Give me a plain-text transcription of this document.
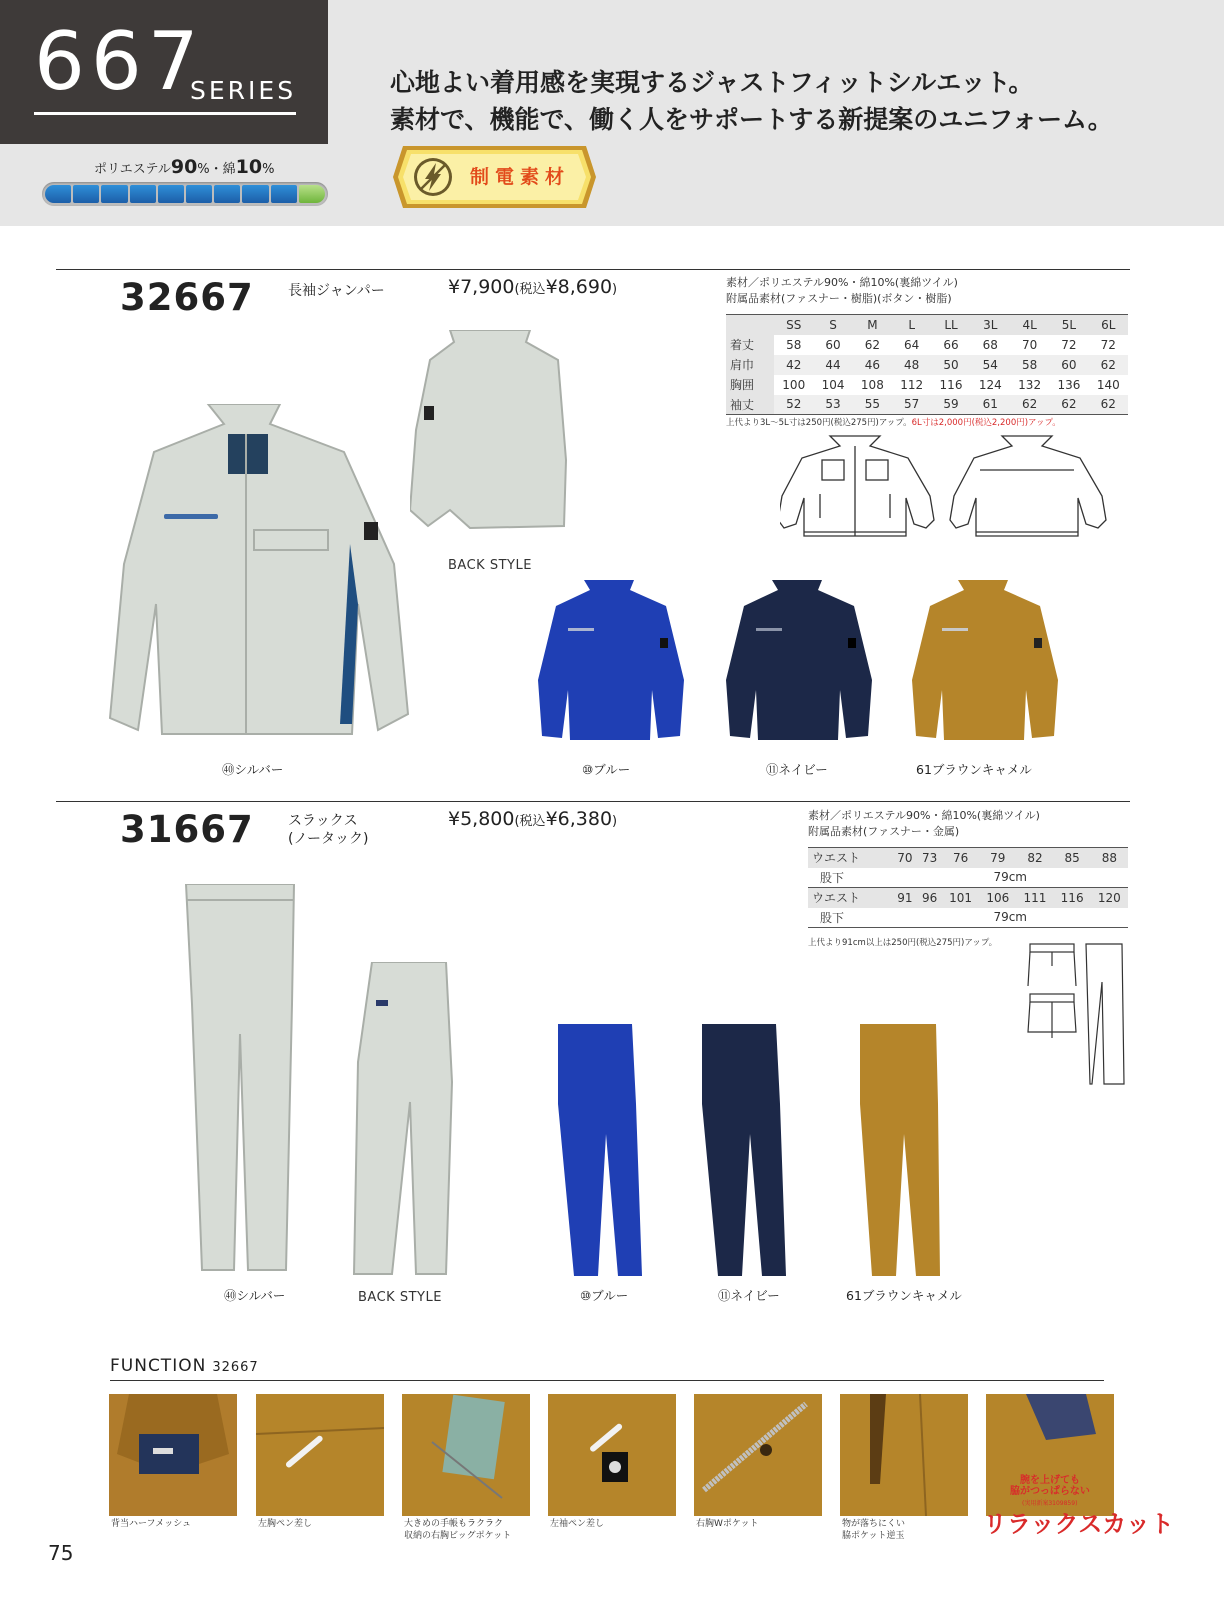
667
SERIES
ポリエステル90%・綿10%
心地よい着用感を実現するジャストフィットシルエット。
素材で、機能で、働く人をサポートする新提案のユニフォーム。
制電素材
32667 長袖ジャンパー	¥7,900(税込¥8,690)	素材／ポリエステル90%・綿10%(裏綿ツイル)
附属品素材(ファスナー・樹脂)(ボタン・樹脂)
	SS	S	M	L	LL	3L	4L	5L	6L
着丈	58	60	62	64	66	68	70	72	72
肩巾	42	44	46	48	50	54	58	60	62
胸囲	100	104	108	112	116	124	132	136	140
袖丈	52	53	55	57	59	61	62	62	62
上代より3L～5L寸は250円(税込275円)アップ。6L寸は2,000円(税込2,200円)アップ。
BACK STYLE
㊵シルバー	⑩ブルー	⑪ネイビー	61ブラウンキャメル
31667 スラックス
(ノータック)
¥5,800(税込¥6,380)	素材／ポリエステル90%・綿10%(裏綿ツイル)
附属品素材(ファスナー・金属)
ウエスト	70	73	76	79	82	85	88
股下	79cm						
ウエスト	91	96	101	106	111	116	120
股下	79cm						
上代より91cm以上は250円(税込275円)アップ。
BACK STYLE
㊵シルバー	⑩ブルー	⑪ネイビー	61ブラウンキャメル
FUNCTION 32667
腕を上げても
脇がつっぱらない
(実用新案3109859)
リラックスカット
背当ハーフメッシュ	左胸ペン差し	大きめの手帳もラクラク
収納の右胸ビッグポケット
左袖ペン差し	右胸Wポケット	物が落ちにくい
脇ポケット逆玉
75
